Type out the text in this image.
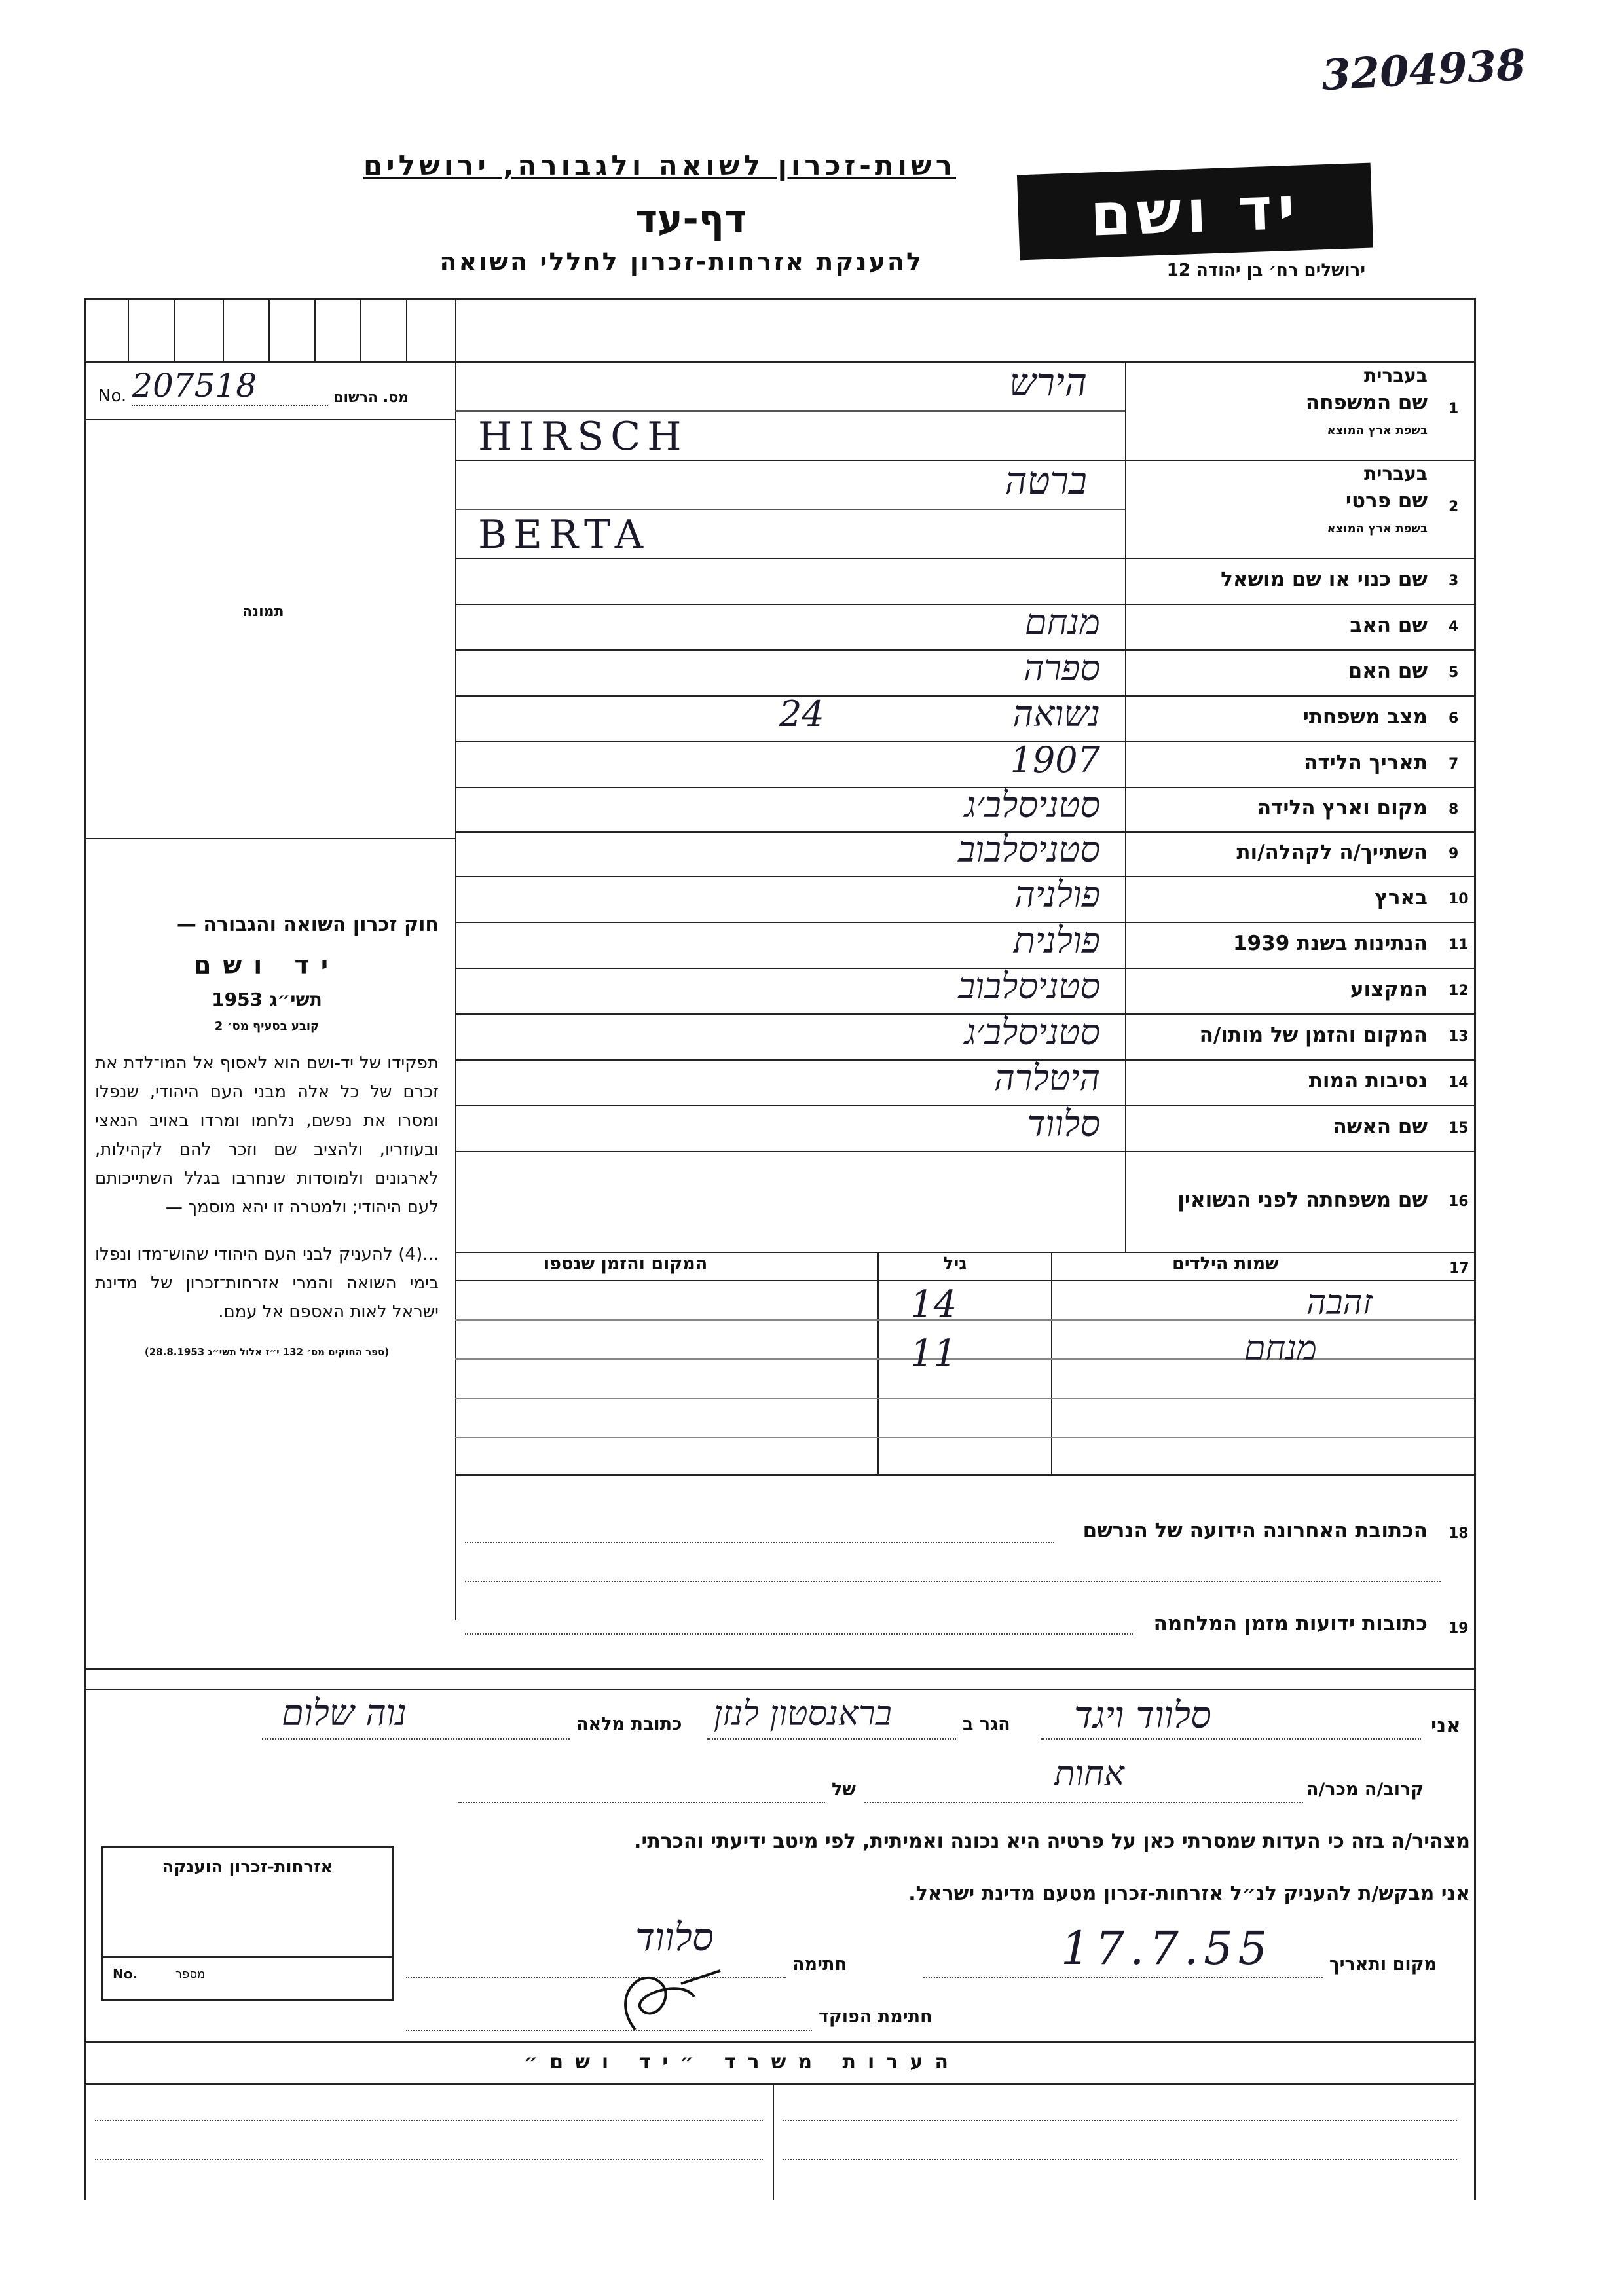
3204938
רשות-זכרון לשואה ולגבורה, ירושלים
דף-עד
להענקת אזרחות-זכרון לחללי השואה
יד ושם
ירושלים רח׳ בן יהודה 12
No. 207518	מס. הרשום
תמונה
חוק זכרון השואה והגבורה —
יד ושם
תשי״ג 1953
קובע בסעיף מס׳ 2
תפקידו של יד-ושם הוא לאסוף אל המו־לדת את זכרם של כל אלה מבני העם היהודי, שנפלו ומסרו את נפשם, נלחמו ומרדו באויב הנאצי ובעוזריו, ולהציב שם וזכר להם לקהילות, לארגונים ולמוסדות שנחרבו בגלל השתייכותם לעם היהודי; ולמטרה זו יהא מוסמך —
...(4) להעניק לבני העם היהודי שהוש־מדו ונפלו בימי השואה והמרי אזרחות־זכרון של מדינת ישראל לאות האספם אל עמם.
(ספר החוקים מס׳ 132 י״ז אלול תשי״ג 28.8.1953)
1
שם המשפחה
בעברית
בשפת ארץ המוצא
הירש
HIRSCH
2
שם פרטי
בעברית
בשפת ארץ המוצא
ברטה
BERTA
3
שם כנוי או שם מושאל
4
שם האב
מנחם
5
שם האם
ספרה
6
מצב משפחתי
נשואה
24
7
תאריך הלידה
1907
8
מקום וארץ הלידה
סטניסלב׳ג
9
השתייך/ה לקהלה/ות
סטניסלבוב
10
בארץ
פולניה
11
הנתינות בשנת 1939
פולנית
12
המקצוע
סטניסלבוב
13
המקום והזמן של מותו/ה
סטניסלב׳ג
14
נסיבות המות
היטלרה
15
שם האשה
סלווד
16
שם משפחתה לפני הנשואין
17
שמות הילדים
גיל
המקום והזמן שנספו
זהבה
14
מנחם
11
18
הכתובת האחרונה הידועה של הנרשם
19
כתובות ידועות מזמן המלחמה
אני
סלווד ויגד
הגר ב
בראנסטון לנזן
כתובת מלאה
נוה שלום
קרוב/ה מכר/ה
אחות
של
מצהיר/ה בזה כי העדות שמסרתי כאן על פרטיה היא נכונה ואמיתית, לפי מיטב ידיעתי והכרתי.
אני מבקש/ת להעניק לנ״ל אזרחות-זכרון מטעם מדינת ישראל.
מקום ותאריך
17.7.55
חתימה
סלווד
חתימת הפוקד
אזרחות-זכרון הוענקה
No.	מספר
הערות משרד ״יד ושם״
